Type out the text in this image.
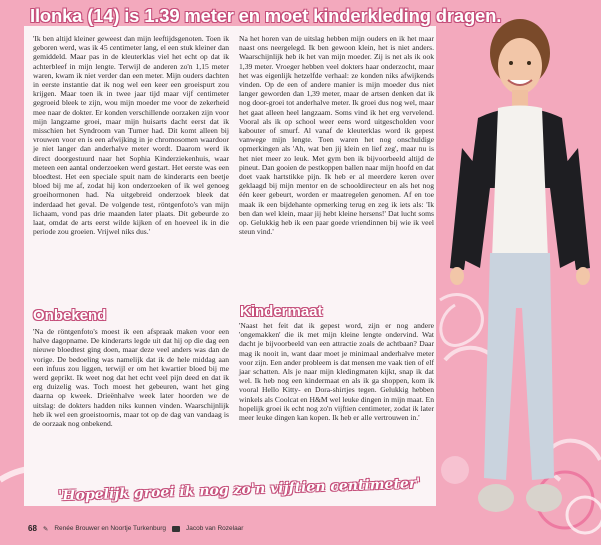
Ilonka (14) is 1.39 meter en moet kinderkleding dragen.

'Ik ben altijd kleiner geweest dan mijn leeftijdsgenoten. Toen ik geboren werd, was ik 45 centimeter lang, el een stuk kleiner dan gemiddeld. Maar pas in de kleuterklas viel het echt op dat ik achterbleef in mijn lengte. Terwijl de anderen zo'n 1,15 meter waren, kwam ik niet verder dan een meter. Mijn ouders dachten in eerste instantie dat ik nog wel een keer een groeispurt zou krijgen. Maar toen ik in twee jaar tijd maar vijf centimeter gegroeid bleek te zijn, wou mijn moeder me voor de zekerheid mee naar de dokter. Er konden verschillende oorzaken zijn voor mijn langzame groei, maar mijn huisarts dacht eerst dat ik misschien het Syndroom van Turner had. Dit komt alleen bij vrouwen voor en is een afwijking in je chromosomen waardoor je niet langer dan anderhalve meter wordt. Daarom werd ik direct doorgestuurd naar het Sophia Kinderziekenhuis, waar meteen een aantal onderzoeken werd gestart. Het eerste was een bloedtest. Het een speciale spuit nam de kinderarts een beetje bloed bij me af, zodat hij kon onderzoeken of ik wel genoeg groeihormonen had. Na uitgebreid onderzoek bleek dat inderdaad het geval. De volgende test, röntgenfoto's van mijn lichaam, vond pas drie maanden later plaats. Dit gebeurde zo laat, omdat de arts eerst wilde kijken of en hoeveel ik in die periode zou groeien. Vrijwel niks dus.'

Onbekend

'Na de röntgenfoto's moest ik een afspraak maken voor een halve dagopname. De kinderarts legde uit dat hij op die dag een nieuwe bloedtest ging doen, maar deze veel anders was dan de vorige. De bedoeling was namelijk dat ik de hele middag aan een infuus zou liggen, terwijl er om het kwartier bloed bij me werd geprikt. Ik weet nog dat het echt veel pijn deed en dat ik erg duizelig was. Toch moest het gebeuren, want het ging daarna op kweek. Drieënhalve week later hoorden we de uitslag: de dokters hadden niks kunnen vinden. Waarschijnlijk heb ik wel een groeistoornis, maar tot op de dag van vandaag is de oorzaak nog onbekend.

Na het horen van de uitslag hebben mijn ouders en ik het maar naast ons neergelegd. Ik ben gewoon klein, het is niet anders. Waarschijnlijk heb ik het van mijn moeder. Zij is net als ik ook 1,39 meter. Vroeger hebben veel dokters haar onderzocht, maar het was eigenlijk hetzelfde verhaal: ze konden niks afwijkends vinden. Op de een of andere manier is mijn moeder dus niet langer geworden dan 1,39 meter, maar de artsen denken dat ik nog door-groei tot anderhalve meter. Ik groei dus nog wel, maar het gaat alleen heel langzaam. Soms vind ik het erg vervelend. Vooral als ik op school weer eens word uitgescholden voor kabouter of smurf. Al vanaf de kleuterklas word ik gepest vanwege mijn lengte. Toen waren het nog onschuldige opmerkingen als 'Ah, wat ben jij klein en lief zeg', maar nu is het niet meer zo leuk. Met gym ben ik bijvoorbeeld altijd de pineut. Dan gooien de pestkoppen ballen naar mijn hoofd en dat doet vaak hartstikke pijn. Ik heb er al meerdere keren over geklaagd bij mijn mentor en de schooldirecteur en als het nog één keer gebeurt, worden er maatregelen genomen. Af en toe maak ik een bijdehante opmerking terug en zeg ik iets als: 'Ik ben dan wel klein, maar jij hebt kleine hersens!' Dat lucht soms op. Gelukkig heb ik een paar goede vriendinnen bij wie ik veel steun vind.'

Kindermaat

'Naast het feit dat ik gepest word, zijn er nog andere 'ongemakken' die ik met mijn kleine lengte ondervind. Wat dacht je bijvoorbeeld van een attractie zoals de achtbaan? Daar mag ik nooit in, want daar moet je minimaal anderhalve meter voor zijn. Een ander probleem is dat mensen me vaak tien of elf jaar schatten. Als je naar mijn kledingmaten kijkt, snap ik dat wel. Ik heb nog een kindermaat en als ik ga shoppen, kom ik vooral Hello Kitty- en Dora-shirtjes tegen. Gelukkig hebben winkels als Coolcat en H&M wel leuke dingen in mijn maat. En hopelijk groei ik echt nog zo'n vijftien centimeter, zodat ik later meer leuke dingen kan kopen. Ik heb er alle vertrouwen in.'

'Hopelijk groei ik nog zo'n vijftien centimeter'
68 ✎ Renée Brouwer en Noortje Turkenburg	Jacob van Rozelaar
